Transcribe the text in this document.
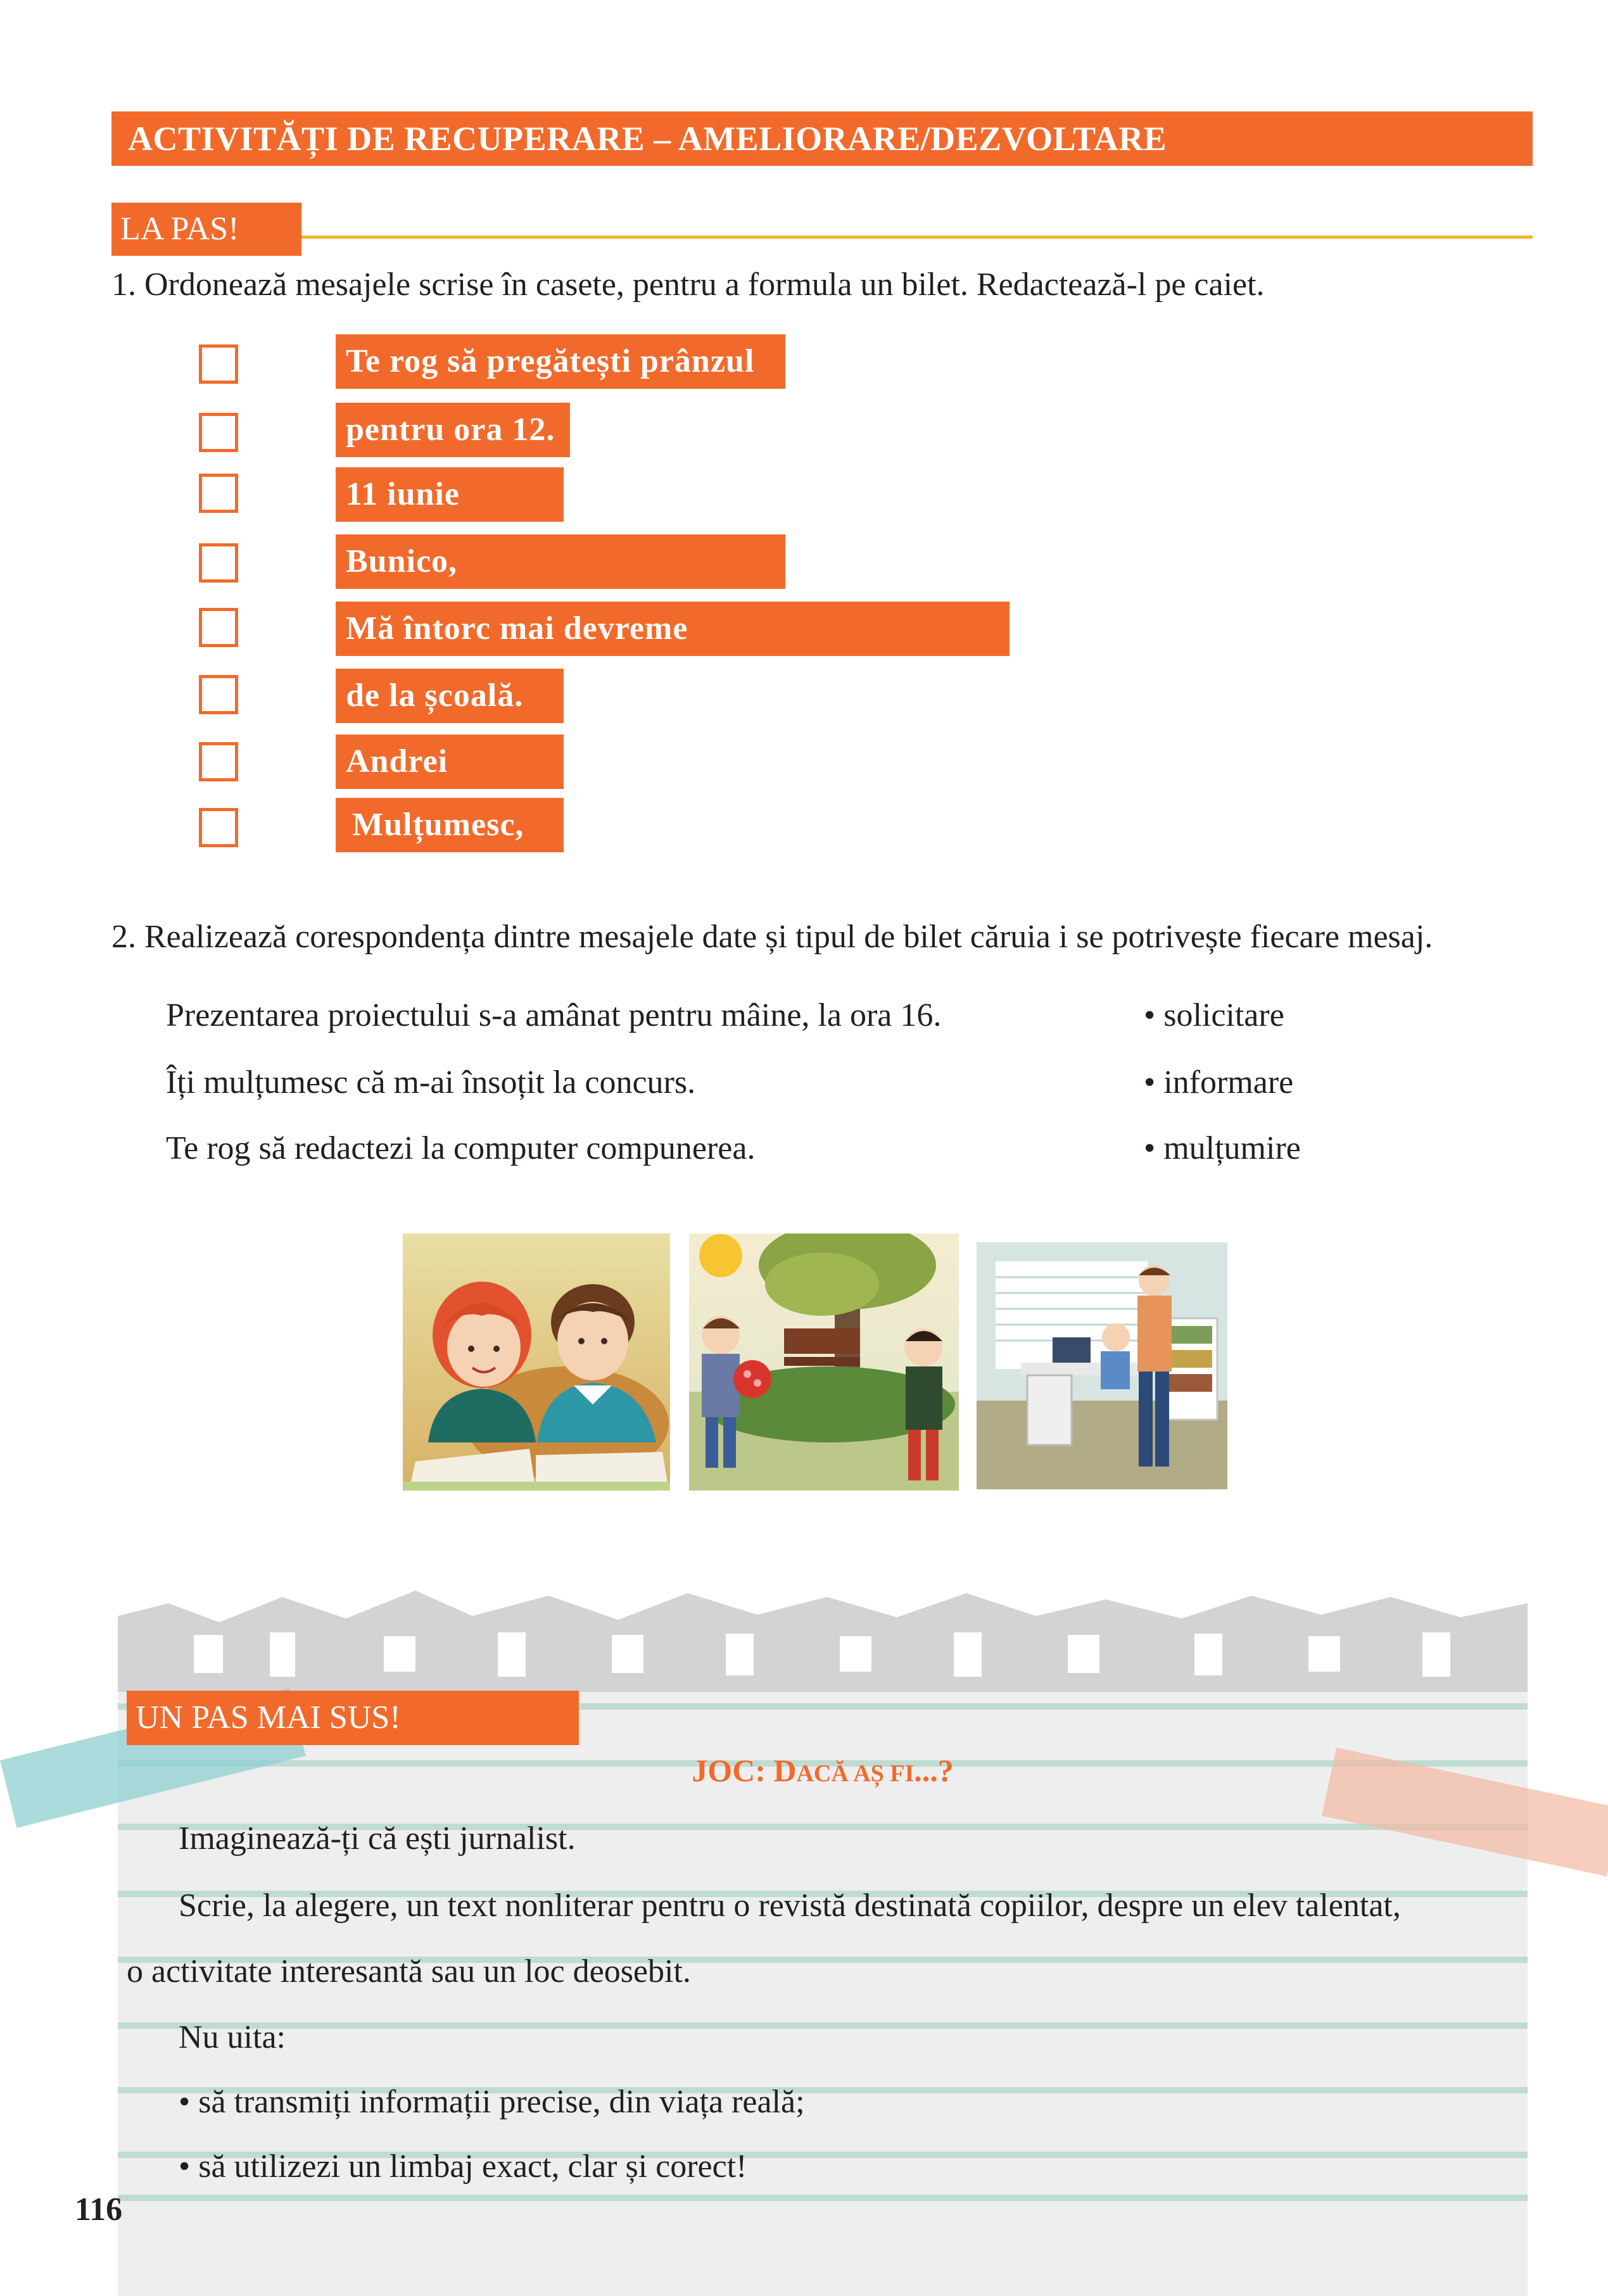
ACTIVITĂȚI DE RECUPERARE – AMELIORARE/DEZVOLTARE
LA PAS!
1. Ordonează mesajele scrise în casete, pentru a formula un bilet. Redactează-l pe caiet.
Te rog să pregătești prânzul
pentru ora 12.
11 iunie
Bunico,
Mă întorc mai devreme
de la școală.
Andrei
Mulțumesc,
2. Realizează corespondența dintre mesajele date și tipul de bilet căruia i se potrivește fiecare mesaj.
Prezentarea proiectului s-a amânat pentru mâine, la ora 16.
Îți mulțumesc că m-ai însoțit la concurs.
Te rog să redactezi la computer compunerea.
• solicitare
• informare
• mulțumire
UN PAS MAI SUS!
JOC: DACĂ AȘ FI...?
Imaginează-ți că ești jurnalist.
Scrie, la alegere, un text nonliterar pentru o revistă destinată copiilor, despre un elev talentat,
o activitate interesantă sau un loc deosebit.
Nu uita:
• să transmiți informații precise, din viața reală;
• să utilizezi un limbaj exact, clar și corect!
116
